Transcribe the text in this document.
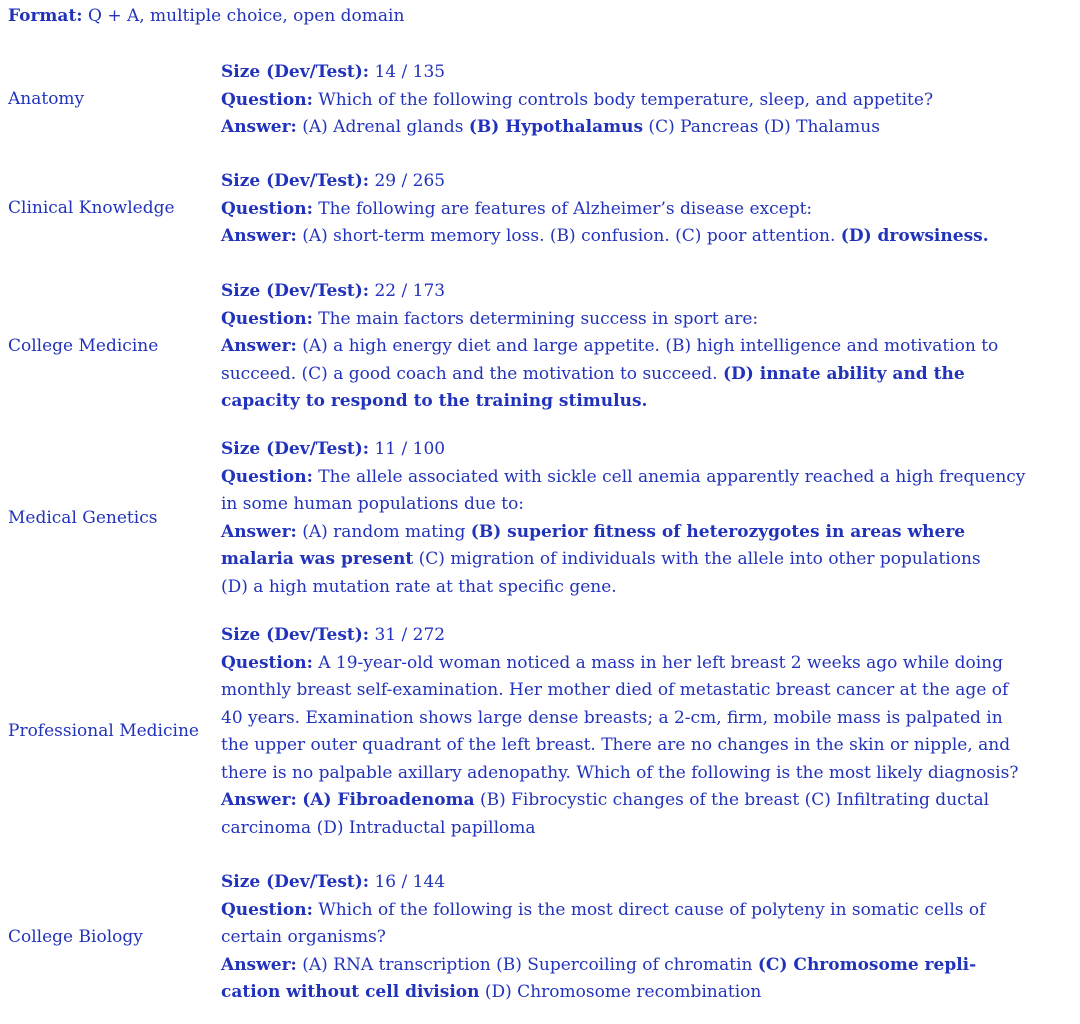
Format: Q + A, multiple choice, open domain
Anatomy
Size (Dev/Test): 14 / 135
Question: Which of the following controls body temperature, sleep, and appetite?
Answer: (A) Adrenal glands (B) Hypothalamus (C) Pancreas (D) Thalamus
Clinical Knowledge
Size (Dev/Test): 29 / 265
Question: The following are features of Alzheimer’s disease except:
Answer: (A) short-term memory loss. (B) confusion. (C) poor attention. (D) drowsiness.
College Medicine
Size (Dev/Test): 22 / 173
Question: The main factors determining success in sport are:
Answer: (A) a high energy diet and large appetite. (B) high intelligence and motivation to
succeed. (C) a good coach and the motivation to succeed. (D) innate ability and the
capacity to respond to the training stimulus.
Medical Genetics
Size (Dev/Test): 11 / 100
Question: The allele associated with sickle cell anemia apparently reached a high frequency
in some human populations due to:
Answer: (A) random mating (B) superior fitness of heterozygotes in areas where
malaria was present (C) migration of individuals with the allele into other populations
(D) a high mutation rate at that specific gene.
Professional Medicine
Size (Dev/Test): 31 / 272
Question: A 19-year-old woman noticed a mass in her left breast 2 weeks ago while doing
monthly breast self-examination. Her mother died of metastatic breast cancer at the age of
40 years. Examination shows large dense breasts; a 2-cm, firm, mobile mass is palpated in
the upper outer quadrant of the left breast. There are no changes in the skin or nipple, and
there is no palpable axillary adenopathy. Which of the following is the most likely diagnosis?
Answer: (A) Fibroadenoma (B) Fibrocystic changes of the breast (C) Infiltrating ductal
carcinoma (D) Intraductal papilloma
College Biology
Size (Dev/Test): 16 / 144
Question: Which of the following is the most direct cause of polyteny in somatic cells of
certain organisms?
Answer: (A) RNA transcription (B) Supercoiling of chromatin (C) Chromosome repli-
cation without cell division (D) Chromosome recombination
